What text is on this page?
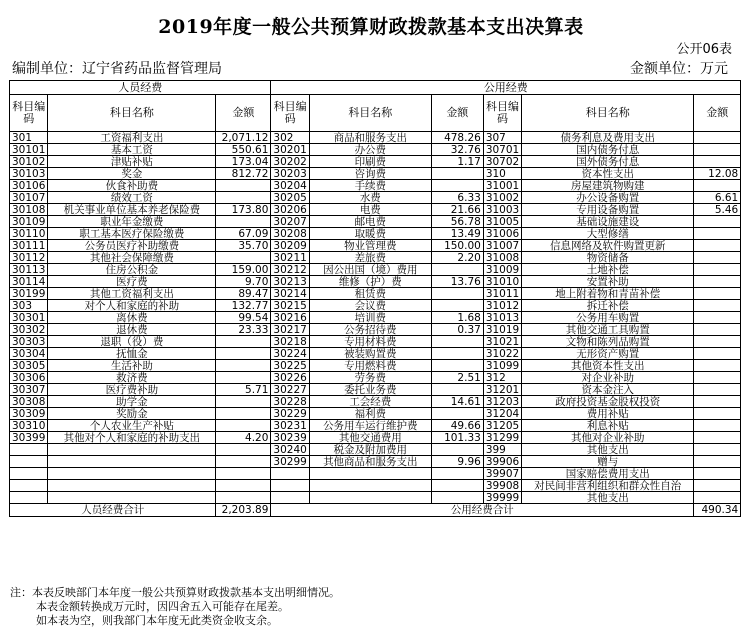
2019年度一般公共预算财政拨款基本支出决算表
公开06表
编制单位：辽宁省药品监督管理局	金额单位：万元
人员经费			公用经费					
科目编码	科目名称	金额	科目编码	科目名称	金额	科目编码	科目名称	金额
301	工资福利支出	2,071.12	302	商品和服务支出	478.26	307	债务利息及费用支出	
30101	基本工资	550.61	30201	办公费	32.76	30701	国内债务付息	
30102	津贴补贴	173.04	30202	印刷费	1.17	30702	国外债务付息	
30103	奖金	812.72	30203	咨询费		310	资本性支出	12.08
30106	伙食补助费		30204	手续费		31001	房屋建筑物购建	
30107	绩效工资		30205	水费	6.33	31002	办公设备购置	6.61
30108	机关事业单位基本养老保险费	173.80	30206	电费	21.66	31003	专用设备购置	5.46
30109	职业年金缴费		30207	邮电费	56.78	31005	基础设施建设	
30110	职工基本医疗保险缴费	67.09	30208	取暖费	13.49	31006	大型修缮	
30111	公务员医疗补助缴费	35.70	30209	物业管理费	150.00	31007	信息网络及软件购置更新	
30112	其他社会保障缴费		30211	差旅费	2.20	31008	物资储备	
30113	住房公积金	159.00	30212	因公出国（境）费用		31009	土地补偿	
30114	医疗费	9.70	30213	维修（护）费	13.76	31010	安置补助	
30199	其他工资福利支出	89.47	30214	租赁费		31011	地上附着物和青苗补偿	
303	对个人和家庭的补助	132.77	30215	会议费		31012	拆迁补偿	
30301	离休费	99.54	30216	培训费	1.68	31013	公务用车购置	
30302	退休费	23.33	30217	公务招待费	0.37	31019	其他交通工具购置	
30303	退职（役）费		30218	专用材料费		31021	文物和陈列品购置	
30304	抚恤金		30224	被装购置费		31022	无形资产购置	
30305	生活补助		30225	专用燃料费		31099	其他资本性支出	
30306	救济费		30226	劳务费	2.51	312	对企业补助	
30307	医疗费补助	5.71	30227	委托业务费		31201	资本金注入	
30308	助学金		30228	工会经费	14.61	31203	政府投资基金股权投资	
30309	奖励金		30229	福利费		31204	费用补贴	
30310	个人农业生产补贴		30231	公务用车运行维护费	49.66	31205	利息补贴	
30399	其他对个人和家庭的补助支出	4.20	30239	其他交通费用	101.33	31299	其他对企业补助	
			30240	税金及附加费用		399	其他支出	
			30299	其他商品和服务支出	9.96	39906	赠与	
						39907	国家赔偿费用支出	
						39908	对民间非营利组织和群众性自治	
						39999	其他支出	
人员经费合计		2,203.89	公用经费合计					490.34
注：本表反映部门本年度一般公共预算财政拨款基本支出明细情况。
本表金额转换成万元时，因四舍五入可能存在尾差。
如本表为空，则我部门本年度无此类资金收支余。
